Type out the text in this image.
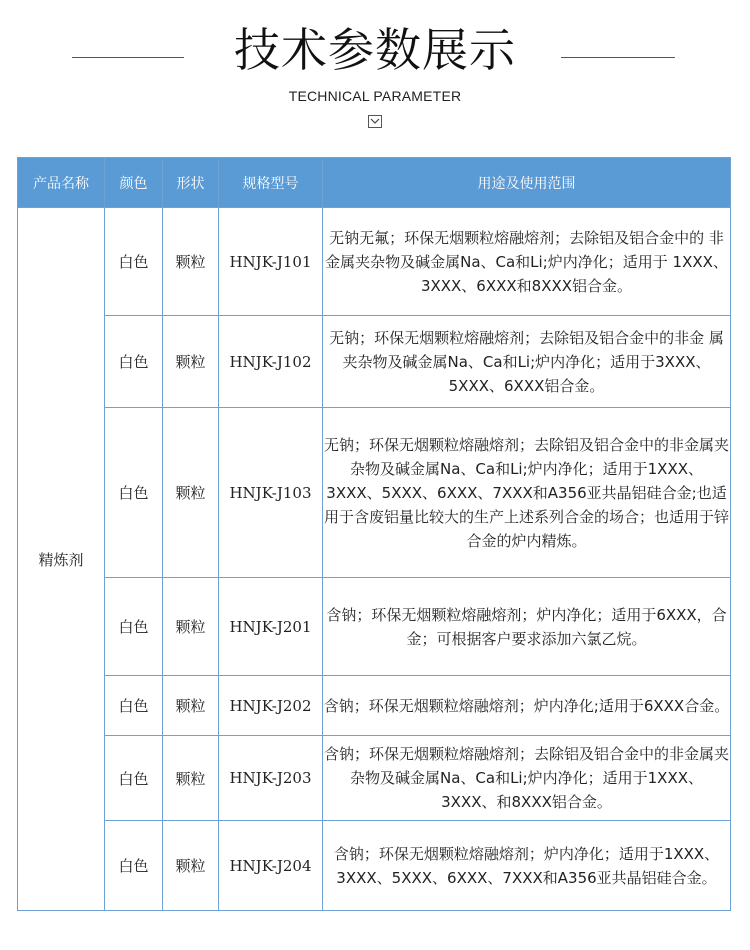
技术参数展示
TECHNICAL PARAMETER
产品名称	颜色	形状	规格型号	用途及使用范围
精炼剂	白色	颗粒	HNJK-J101	无钠无氟；环保无烟颗粒熔融熔剂；去除铝及铝合金中的 非金属夹杂物及碱金属Na、Ca和Li;炉内净化；适用于 1XXX、3XXX、6XXX和8XXX铝合金。
	白色	颗粒	HNJK-J102	无钠；环保无烟颗粒熔融熔剂；去除铝及铝合金中的非金 属夹杂物及碱金属Na、Ca和Li;炉内净化；适用于3XXX、5XXX、6XXX铝合金。
	白色	颗粒	HNJK-J103	无钠；环保无烟颗粒熔融熔剂；去除铝及铝合金中的非金属夹杂物及碱金属Na、Ca和Li;炉内净化；适用于1XXX、3XXX、5XXX、6XXX、7XXX和A356亚共晶铝硅合金;也适用于含废铝量比较大的生产上述系列合金的场合；也适用于锌合金的炉内精炼。
	白色	颗粒	HNJK-J201	含钠；环保无烟颗粒熔融熔剂；炉内净化；适用于6XXX，合金；可根据客户要求添加六氯乙烷。
	白色	颗粒	HNJK-J202	含钠；环保无烟颗粒熔融熔剂；炉内净化;适用于6XXX合金。
	白色	颗粒	HNJK-J203	含钠；环保无烟颗粒熔融熔剂；去除铝及铝合金中的非金属夹杂物及碱金属Na、Ca和Li;炉内净化；适用于1XXX、3XXX、和8XXX铝合金。
	白色	颗粒	HNJK-J204	含钠；环保无烟颗粒熔融熔剂；炉内净化；适用于1XXX、3XXX、5XXX、6XXX、7XXX和A356亚共晶铝硅合金。
